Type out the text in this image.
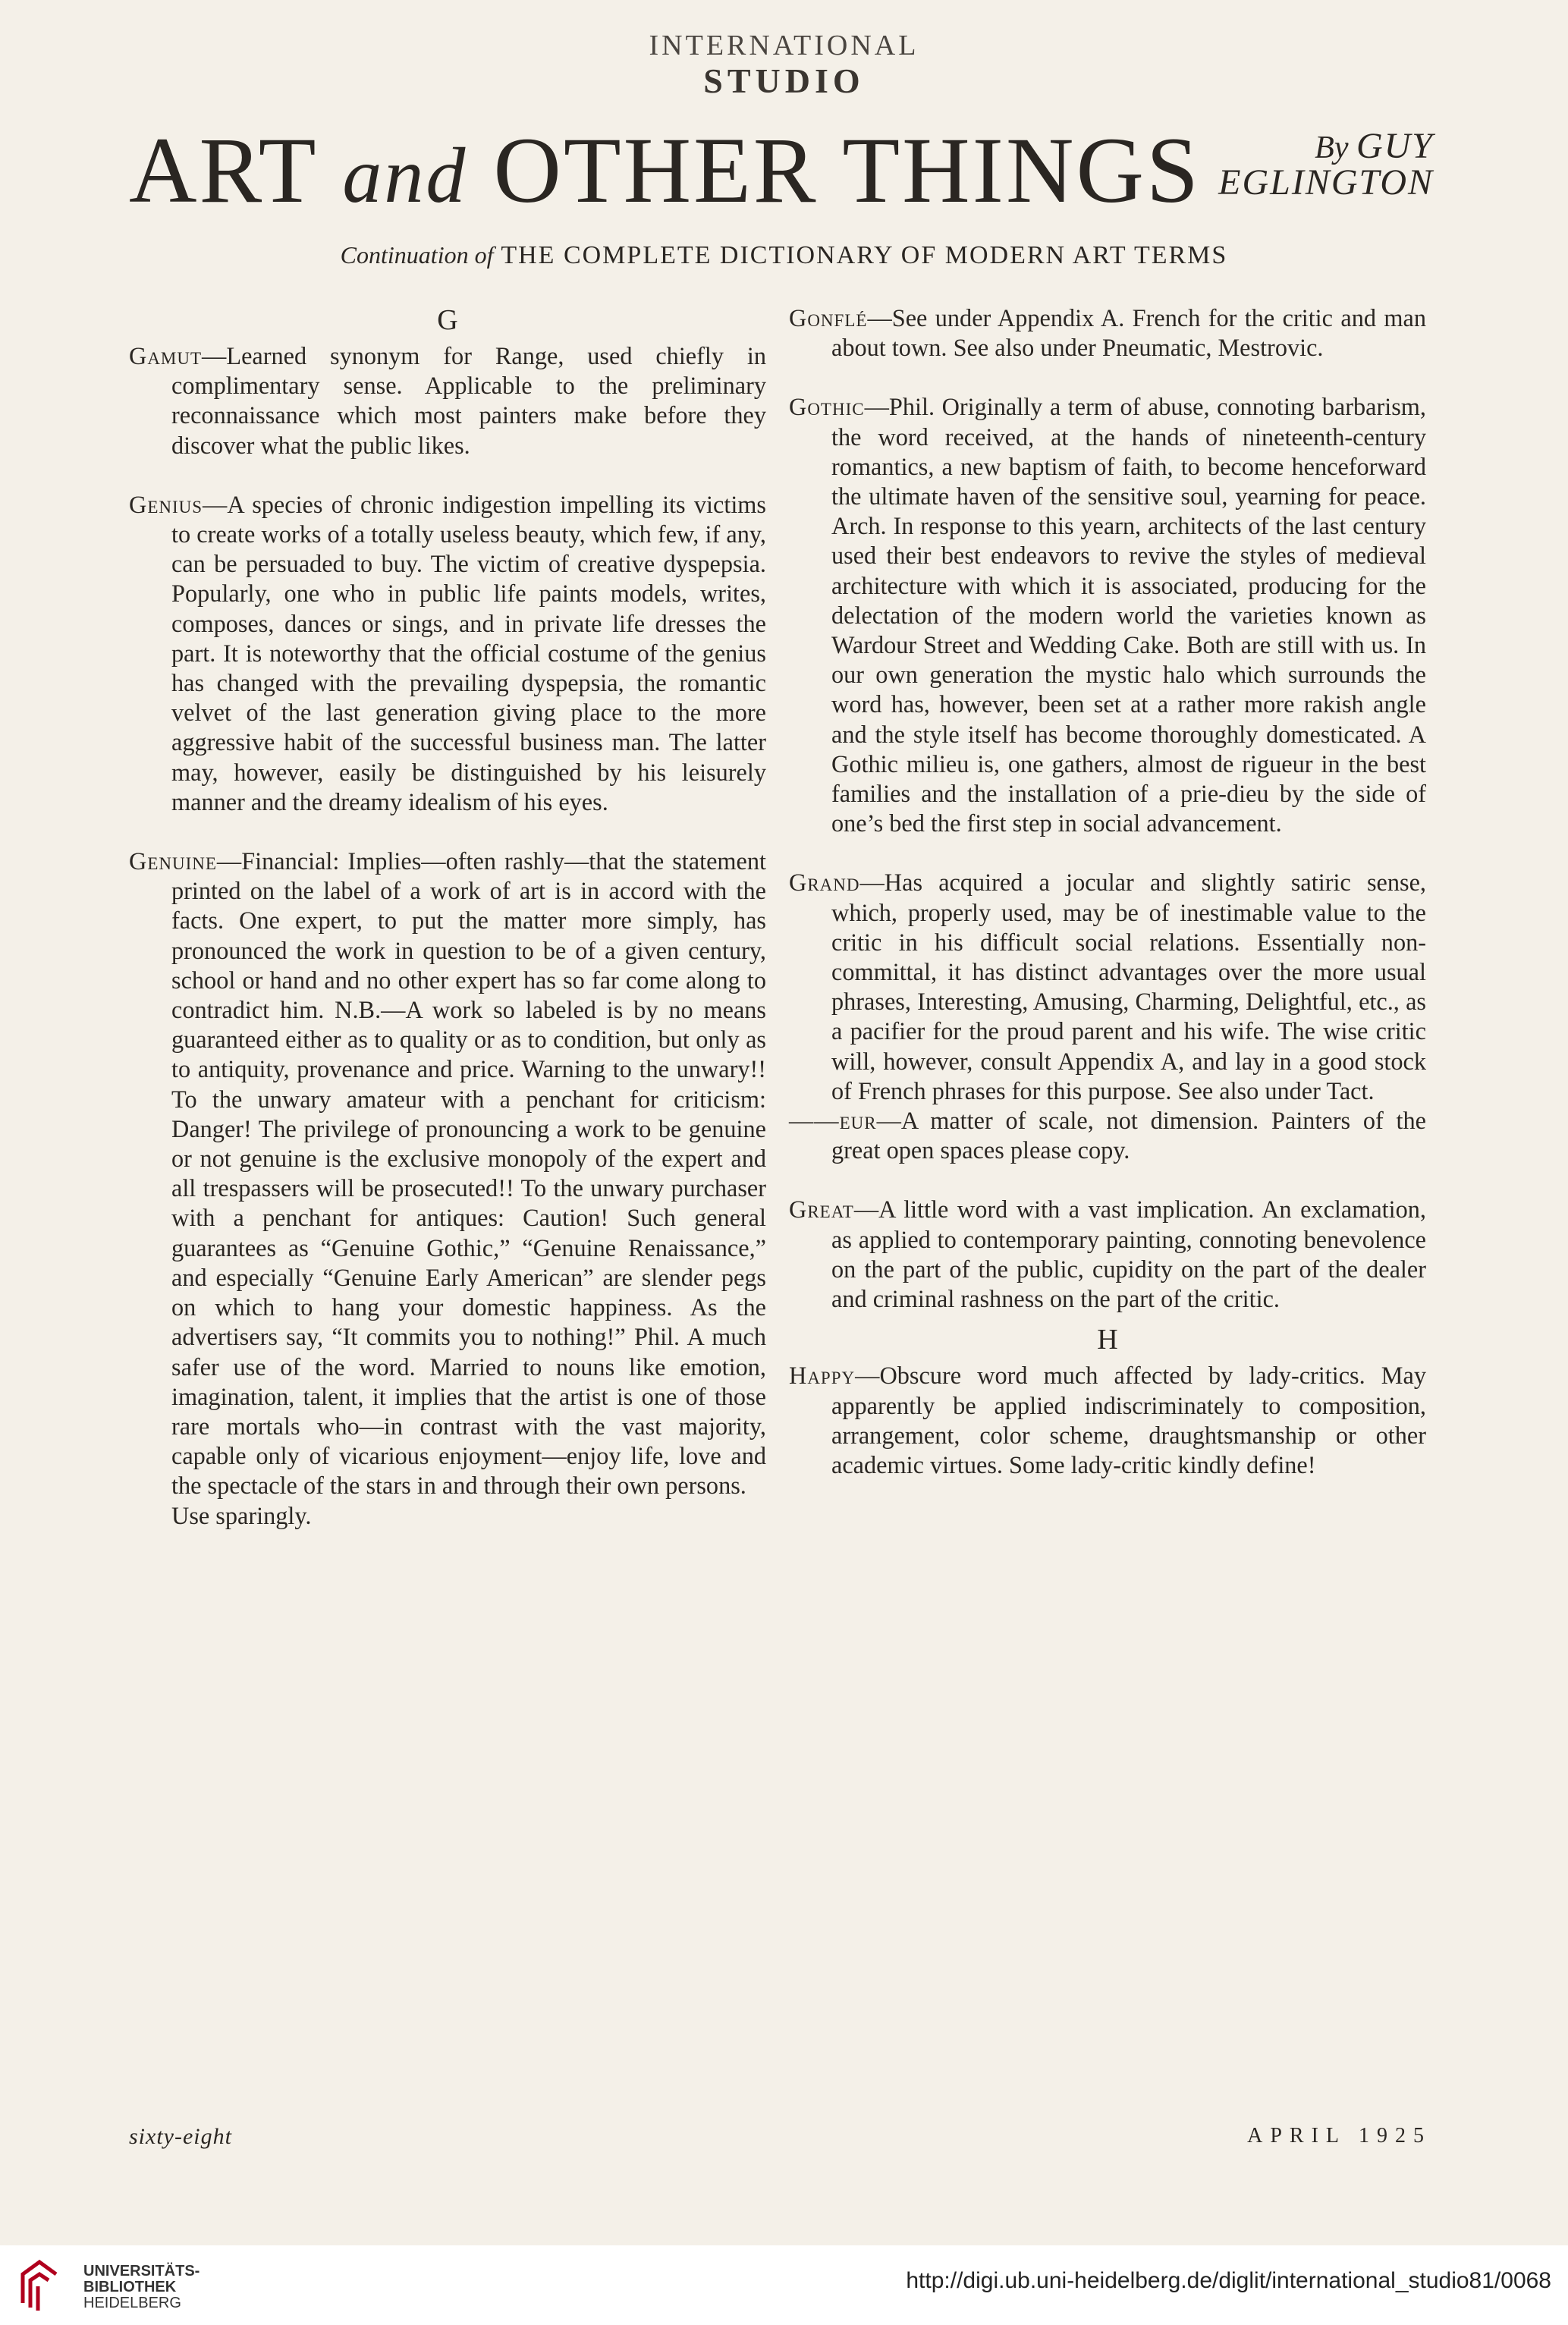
INTERNATIONAL
STUDIO
ART and OTHER THINGS	By GUY
EGLINGTON
Continuation of THE COMPLETE DICTIONARY OF MODERN ART TERMS
G

Gamut—Learned synonym for Range, used chiefly in complimentary sense. Applicable to the preliminary reconnaissance which most painters make before they discover what the public likes.

Genius—A species of chronic indigestion impelling its victims to create works of a totally useless beauty, which few, if any, can be persuaded to buy. The victim of creative dyspepsia. Popularly, one who in public life paints models, writes, composes, dances or sings, and in private life dresses the part. It is noteworthy that the official costume of the genius has changed with the prevailing dyspepsia, the romantic velvet of the last generation giving place to the more aggressive habit of the successful business man. The latter may, however, easily be distinguished by his leisurely manner and the dreamy idealism of his eyes.

Genuine—Financial: Implies—often rashly—that the statement printed on the label of a work of art is in accord with the facts. One expert, to put the matter more simply, has pronounced the work in question to be of a given century, school or hand and no other expert has so far come along to contradict him. N.B.—A work so labeled is by no means guaranteed either as to quality or as to condition, but only as to antiquity, provenance and price. Warning to the unwary!! To the unwary amateur with a penchant for criticism: Danger! The privilege of pronouncing a work to be genuine or not genuine is the exclusive monopoly of the expert and all trespassers will be prosecuted!! To the unwary purchaser with a penchant for antiques: Caution! Such general guarantees as “Genuine Gothic,” “Genuine Renaissance,” and especially “Genuine Early American” are slender pegs on which to hang your domestic happiness. As the advertisers say, “It commits you to nothing!” Phil. A much safer use of the word. Married to nouns like emotion, imagination, talent, it implies that the artist is one of those rare mortals who—in contrast with the vast majority, capable only of vicarious enjoyment—enjoy life, love and the spectacle of the stars in and through their own persons.

Use sparingly.

Gonflé—See under Appendix A. French for the critic and man about town. See also under Pneumatic, Mestrovic.

Gothic—Phil. Originally a term of abuse, connoting barbarism, the word received, at the hands of nineteenth-century romantics, a new baptism of faith, to become henceforward the ultimate haven of the sensitive soul, yearning for peace. Arch. In response to this yearn, architects of the last century used their best endeavors to revive the styles of medieval architecture with which it is associated, producing for the delectation of the modern world the varieties known as Wardour Street and Wedding Cake. Both are still with us. In our own generation the mystic halo which surrounds the word has, however, been set at a rather more rakish angle and the style itself has become thoroughly domesticated. A Gothic milieu is, one gathers, almost de rigueur in the best families and the installation of a prie-dieu by the side of one’s bed the first step in social advancement.

Grand—Has acquired a jocular and slightly satiric sense, which, properly used, may be of inestimable value to the critic in his difficult social relations. Essentially non-committal, it has distinct advantages over the more usual phrases, Interesting, Amusing, Charming, Delightful, etc., as a pacifier for the proud parent and his wife. The wise critic will, however, consult Appendix A, and lay in a good stock of French phrases for this purpose. See also under Tact.

——eur—A matter of scale, not dimension. Painters of the great open spaces please copy.

Great—A little word with a vast implication. An exclamation, as applied to contemporary painting, connoting benevolence on the part of the public, cupidity on the part of the dealer and criminal rashness on the part of the critic.

H

Happy—Obscure word much affected by lady-critics. May apparently be applied indiscriminately to composition, arrangement, color scheme, draughtsmanship or other academic virtues. Some lady-critic kindly define!

sixty-eight	APRIL 1925
UNIVERSITÄTS-
BIBLIOTHEK
HEIDELBERG
http://digi.ub.uni-heidelberg.de/diglit/international_studio81/0068
